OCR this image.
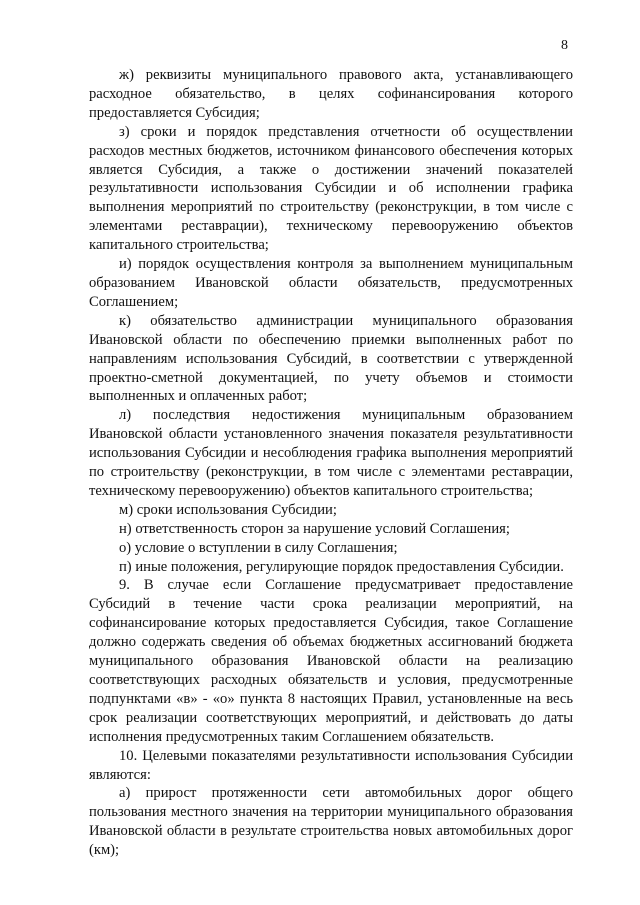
8

ж) реквизиты муниципального правового акта, устанавливающего расходное обязательство, в целях софинансирования которого предоставляется Субсидия;

з) сроки и порядок представления отчетности об осуществлении расходов местных бюджетов, источником финансового обеспечения которых является Субсидия, а также о достижении значений показателей результативности использования Субсидии и об исполнении графика выполнения мероприятий по строительству (реконструкции, в том числе с элементами реставрации), техническому перевооружению объектов капитального строительства;

и) порядок осуществления контроля за выполнением муниципальным образованием Ивановской области обязательств, предусмотренных Соглашением;

к) обязательство администрации муниципального образования Ивановской области по обеспечению приемки выполненных работ по направлениям использования Субсидий, в соответствии с утвержденной проектно-сметной документацией, по учету объемов и стоимости выполненных и оплаченных работ;

л) последствия недостижения муниципальным образованием Ивановской области установленного значения показателя результативности использования Субсидии и несоблюдения графика выполнения мероприятий по строительству (реконструкции, в том числе с элементами реставрации, техническому перевооружению) объектов капитального строительства;

м) сроки использования Субсидии;

н) ответственность сторон за нарушение условий Соглашения;

о) условие о вступлении в силу Соглашения;

п) иные положения, регулирующие порядок предоставления Субсидии.

9. В случае если Соглашение предусматривает предоставление Субсидий в течение части срока реализации мероприятий, на софинансирование которых предоставляется Субсидия, такое Соглашение должно содержать сведения об объемах бюджетных ассигнований бюджета муниципального образования Ивановской области на реализацию соответствующих расходных обязательств и условия, предусмотренные подпунктами «в» - «о» пункта 8 настоящих Правил, установленные на весь срок реализации соответствующих мероприятий, и действовать до даты исполнения предусмотренных таким Соглашением обязательств.

10. Целевыми показателями результативности использования Субсидии являются:

а) прирост протяженности сети автомобильных дорог общего пользования местного значения на территории муниципального образования Ивановской области в результате строительства новых автомобильных дорог (км);
